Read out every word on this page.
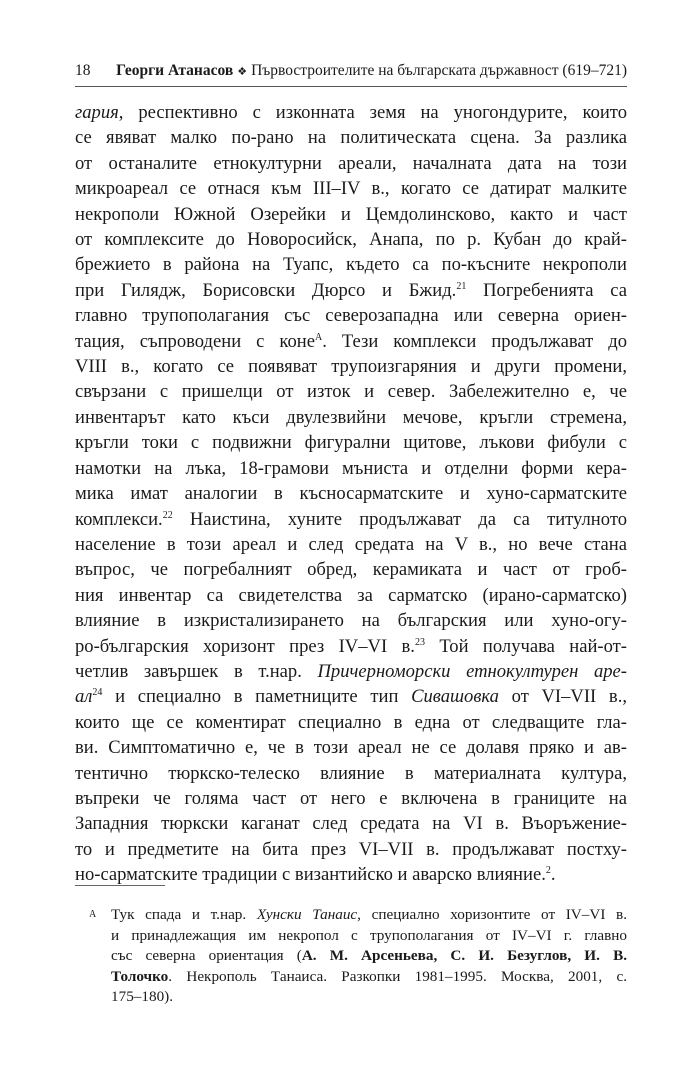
18	Георги Атанасов ❖ Първостроителите на българската държавност (619–721)
гария, респективно с изконната земя на уногондурите, които
се явяват малко по-рано на политическата сцена. За разлика
от останалите етнокултурни ареали, началната дата на този
микроареал се отнася към III–IV в., когато се датират малките
некрополи Южной Озерейки и Цемдолинсково, както и част
от комплексите до Новоросийск, Анапа, по р. Кубан до край-
брежието в района на Туапс, където са по-късните некрополи
при Гилядж, Борисовски Дюрсо и Бжид.$^{21}$ Погребенията са
главно трупополагания със северозападна или северна ориен-
тация, съпроводени с коне$^A$. Тези комплекси продължават до
VIII в., когато се появяват трупоизгаряния и други промени,
свързани с пришелци от изток и север. Забележително е, че
инвентарът като къси двулезвийни мечове, кръгли стремена,
кръгли токи с подвижни фигурални щитове, лъкови фибули с
намотки на лъка, 18-грамови мъниста и отделни форми кера-
мика имат аналогии в късносарматските и хуно-сарматските
комплекси.$^{22}$ Наистина, хуните продължават да са титулното
население в този ареал и след средата на V в., но вече стана
въпрос, че погребалният обред, керамиката и част от гроб-
ния инвентар са свидетелства за сарматско (ирано-сарматско)
влияние в изкристализирането на българския или хуно-огу-
ро-българския хоризонт през IV–VI в.$^{23}$ Той получава най-от-
четлив завършек в т.нар. Причерноморски етнокултурен аре-
$ал^{24}$ и специално в паметниците тип Сивашовка от VI–VII в.,
които ще се коментират специално в една от следващите гла-
ви. Симптоматично е, че в този ареал не се долавя пряко и ав-
тентично тюркско-телеско влияние в материалната култура,
въпреки че голяма част от него е включена в границите на
Западния тюркски каганат след средата на VI в. Въоръжение-
то и предметите на бита през VI–VII в. продължават постху-
но-сарматските традиции с византийско и аварско влияние.$^2$.
A Тук спада и т.нар. Хунски Танаис, специално хоризонтите от IV–VI в.
и принадлежащия им некропол с трупополагания от IV–VI г. главно
със северна ориентация (А. М. Арсеньева, С. И. Безуглов, И. В.
Толочко. Некрополь Танаиса. Разкопки 1981–1995. Москва, 2001, с.
175–180).
